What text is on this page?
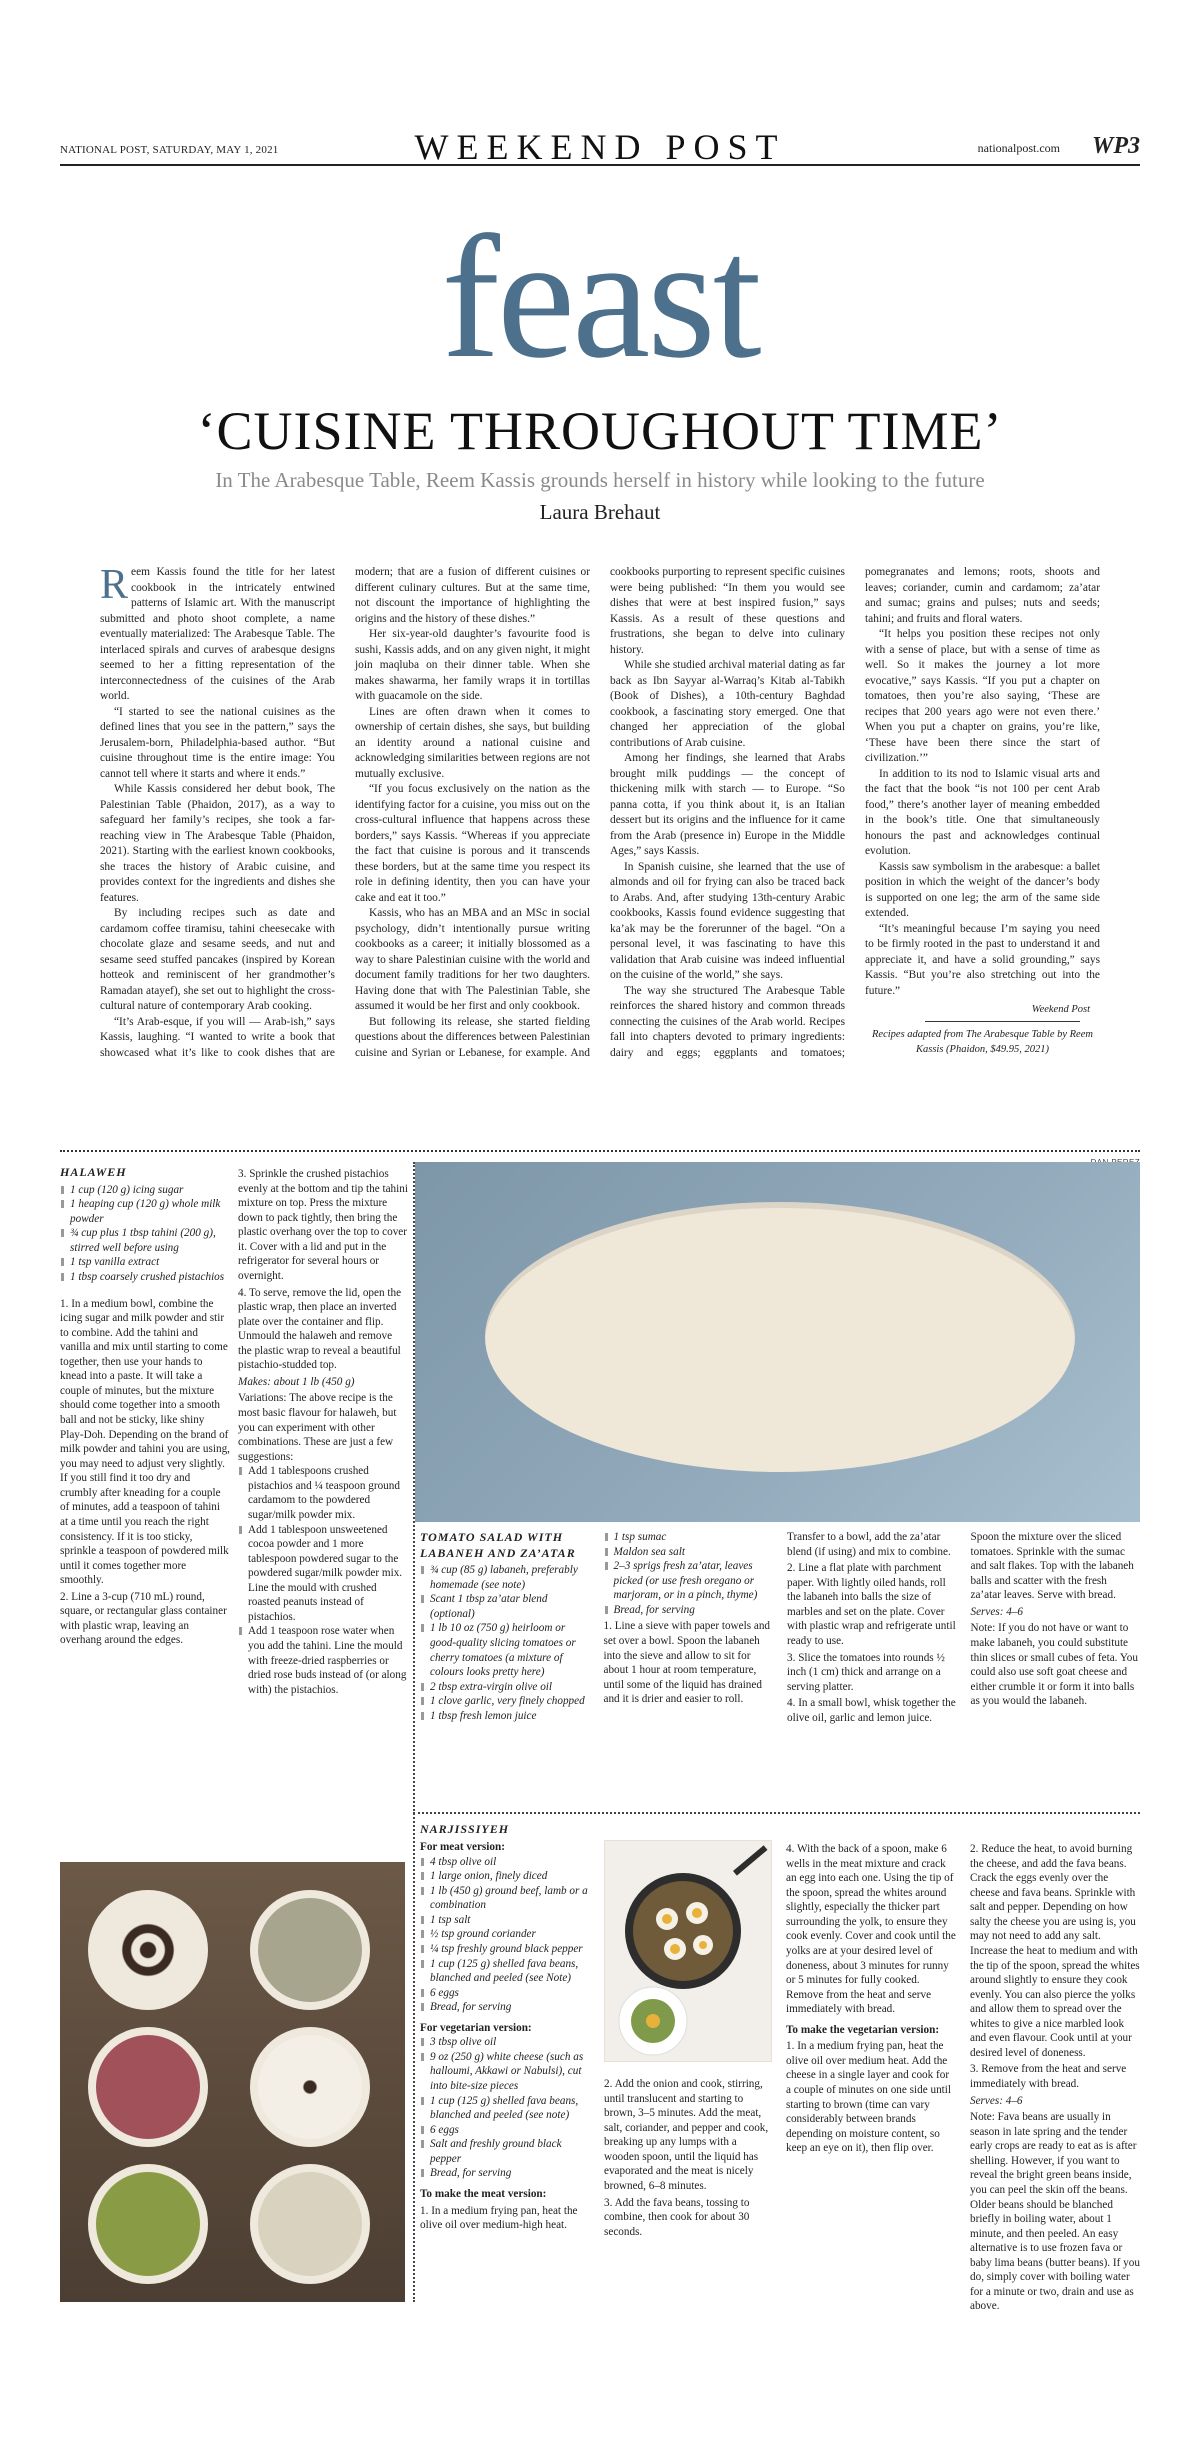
NATIONAL POST, SATURDAY, MAY 1, 2021	WEEKEND POST	nationalpost.com WP3
feast
‘CUISINE THROUGHOUT TIME’
In The Arabesque Table, Reem Kassis grounds herself in history while looking to the future
Laura Brehaut

Reem Kassis found the title for her latest cookbook in the intricately entwined patterns of Islamic art. With the manuscript submitted and photo shoot complete, a name eventually materialized: The Arabesque Table. The interlaced spirals and curves of arabesque designs seemed to her a fitting representation of the interconnectedness of the cuisines of the Arab world.

“I started to see the national cuisines as the defined lines that you see in the pattern,” says the Jerusalem-born, Philadelphia-based author. “But cuisine throughout time is the entire image: You cannot tell where it starts and where it ends.”

While Kassis considered her debut book, The Palestinian Table (Phaidon, 2017), as a way to safeguard her family’s recipes, she took a far-reaching view in The Arabesque Table (Phaidon, 2021). Starting with the earliest known cookbooks, she traces the history of Arabic cuisine, and provides context for the ingredients and dishes she features.

By including recipes such as date and cardamom coffee tiramisu, tahini cheesecake with chocolate glaze and sesame seeds, and nut and sesame seed stuffed pancakes (inspired by Korean hotteok and reminiscent of her grandmother’s Ramadan atayef), she set out to highlight the cross-cultural nature of contemporary Arab cooking.

“It’s Arab-esque, if you will — Arab-ish,” says Kassis, laughing. “I wanted to write a book that showcased what it’s like to cook dishes that are modern; that are a fusion of different cuisines or different culinary cultures. But at the same time, not discount the importance of highlighting the origins and the history of these dishes.”

Her six-year-old daughter’s favourite food is sushi, Kassis adds, and on any given night, it might join maqluba on their dinner table. When she makes shawarma, her family wraps it in tortillas with guacamole on the side.

Lines are often drawn when it comes to ownership of certain dishes, she says, but building an identity around a national cuisine and acknowledging similarities between regions are not mutually exclusive.

“If you focus exclusively on the nation as the identifying factor for a cuisine, you miss out on the cross-cultural influence that happens across these borders,” says Kassis. “Whereas if you appreciate the fact that cuisine is porous and it transcends these borders, but at the same time you respect its role in defining identity, then you can have your cake and eat it too.”

Kassis, who has an MBA and an MSc in social psychology, didn’t intentionally pursue writing cookbooks as a career; it initially blossomed as a way to share Palestinian cuisine with the world and document family traditions for her two daughters. Having done that with The Palestinian Table, she assumed it would be her first and only cookbook.

But following its release, she started fielding questions about the differences between Palestinian cuisine and Syrian or Lebanese, for example. And cookbooks purporting to represent specific cuisines were being published: “In them you would see dishes that were at best inspired fusion,” says Kassis. As a result of these questions and frustrations, she began to delve into culinary history.

While she studied archival material dating as far back as Ibn Sayyar al-Warraq’s Kitab al-Tabikh (Book of Dishes), a 10th-century Baghdad cookbook, a fascinating story emerged. One that changed her appreciation of the global contributions of Arab cuisine.

Among her findings, she learned that Arabs brought milk puddings — the concept of thickening milk with starch — to Europe. “So panna cotta, if you think about it, is an Italian dessert but its origins and the influence for it came from the Arab (presence in) Europe in the Middle Ages,” says Kassis.

In Spanish cuisine, she learned that the use of almonds and oil for frying can also be traced back to Arabs. And, after studying 13th-century Arabic cookbooks, Kassis found evidence suggesting that ka’ak may be the forerunner of the bagel. “On a personal level, it was fascinating to have this validation that Arab cuisine was indeed influential on the cuisine of the world,” she says.

The way she structured The Arabesque Table reinforces the shared history and common threads connecting the cuisines of the Arab world. Recipes fall into chapters devoted to primary ingredients: dairy and eggs; eggplants and tomatoes; pomegranates and lemons; roots, shoots and leaves; coriander, cumin and cardamom; za’atar and sumac; grains and pulses; nuts and seeds; tahini; and fruits and floral waters.

“It helps you position these recipes not only with a sense of place, but with a sense of time as well. So it makes the journey a lot more evocative,” says Kassis. “If you put a chapter on tomatoes, then you’re also saying, ‘These are recipes that 200 years ago were not even there.’ When you put a chapter on grains, you’re like, ‘These have been there since the start of civilization.’”

In addition to its nod to Islamic visual arts and the fact that the book “is not 100 per cent Arab food,” there’s another layer of meaning embedded in the book’s title. One that simultaneously honours the past and acknowledges continual evolution.

Kassis saw symbolism in the arabesque: a ballet position in which the weight of the dancer’s body is supported on one leg; the arm of the same side extended.

“It’s meaningful because I’m saying you need to be firmly rooted in the past to understand it and appreciate it, and have a solid grounding,” says Kassis. “But you’re also stretching out into the future.”

Weekend Post
Recipes adapted from The Arabesque Table by Reem Kassis (Phaidon, $49.95, 2021)
HALAWEH
1 cup (120 g) icing sugar
1 heaping cup (120 g) whole milk powder
¾ cup plus 1 tbsp tahini (200 g), stirred well before using
1 tsp vanilla extract
1 tbsp coarsely crushed pistachios

1. In a medium bowl, combine the icing sugar and milk powder and stir to combine. Add the tahini and vanilla and mix until starting to come together, then use your hands to knead into a paste. It will take a couple of minutes, but the mixture should come together into a smooth ball and not be sticky, like shiny Play-Doh. Depending on the brand of milk powder and tahini you are using, you may need to adjust very slightly. If you still find it too dry and crumbly after kneading for a couple of minutes, add a teaspoon of tahini at a time until you reach the right consistency. If it is too sticky, sprinkle a teaspoon of powdered milk until it comes together more smoothly.

2. Line a 3-cup (710 mL) round, square, or rectangular glass container with plastic wrap, leaving an overhang around the edges.

3. Sprinkle the crushed pistachios evenly at the bottom and tip the tahini mixture on top. Press the mixture down to pack tightly, then bring the plastic overhang over the top to cover it. Cover with a lid and put in the refrigerator for several hours or overnight.

4. To serve, remove the lid, open the plastic wrap, then place an inverted plate over the container and flip. Unmould the halaweh and remove the plastic wrap to reveal a beautiful pistachio-studded top.

Makes: about 1 lb (450 g)

Variations: The above recipe is the most basic flavour for halaweh, but you can experiment with other combinations. These are just a few suggestions:

Add 1 tablespoons crushed pistachios and ¼ teaspoon ground cardamom to the powdered sugar/milk powder mix.
Add 1 tablespoon unsweetened cocoa powder and 1 more tablespoon powdered sugar to the powdered sugar/milk powder mix. Line the mould with crushed roasted peanuts instead of pistachios.
Add 1 teaspoon rose water when you add the tahini. Line the mould with freeze-dried raspberries or dried rose buds instead of (or along with) the pistachios.
TOMATO SALAD WITH LABANEH AND ZA’ATAR
¾ cup (85 g) labaneh, preferably homemade (see note)
Scant 1 tbsp za’atar blend (optional)
1 lb 10 oz (750 g) heirloom or good-quality slicing tomatoes or cherry tomatoes (a mixture of colours looks pretty here)
2 tbsp extra-virgin olive oil
1 clove garlic, very finely chopped
1 tbsp fresh lemon juice
1 tsp sumac
Maldon sea salt
2–3 sprigs fresh za’atar, leaves picked (or use fresh oregano or marjoram, or in a pinch, thyme)
Bread, for serving

1. Line a sieve with paper towels and set over a bowl. Spoon the labaneh into the sieve and allow to sit for about 1 hour at room temperature, until some of the liquid has drained and it is drier and easier to roll. Transfer to a bowl, add the za’atar blend (if using) and mix to combine.

2. Line a flat plate with parchment paper. With lightly oiled hands, roll the labaneh into balls the size of marbles and set on the plate. Cover with plastic wrap and refrigerate until ready to use.

3. Slice the tomatoes into rounds ½ inch (1 cm) thick and arrange on a serving platter.

4. In a small bowl, whisk together the olive oil, garlic and lemon juice. Spoon the mixture over the sliced tomatoes. Sprinkle with the sumac and salt flakes. Top with the labaneh balls and scatter with the fresh za’atar leaves. Serve with bread.

Serves: 4–6

Note: If you do not have or want to make labaneh, you could substitute thin slices or small cubes of feta. You could also use soft goat cheese and either crumble it or form it into balls as you would the labaneh.

NARJISSIYEH
For meat version:
4 tbsp olive oil
1 large onion, finely diced
1 lb (450 g) ground beef, lamb or a combination
1 tsp salt
½ tsp ground coriander
¼ tsp freshly ground black pepper
1 cup (125 g) shelled fava beans, blanched and peeled (see Note)
6 eggs
Bread, for serving
For vegetarian version:
3 tbsp olive oil
9 oz (250 g) white cheese (such as halloumi, Akkawi or Nabulsi), cut into bite-size pieces
1 cup (125 g) shelled fava beans, blanched and peeled (see note)
6 eggs
Salt and freshly ground black pepper
Bread, for serving
To make the meat version:

1. In a medium frying pan, heat the olive oil over medium-high heat.

2. Add the onion and cook, stirring, until translucent and starting to brown, 3–5 minutes. Add the meat, salt, coriander, and pepper and cook, breaking up any lumps with a wooden spoon, until the liquid has evaporated and the meat is nicely browned, 6–8 minutes.

3. Add the fava beans, tossing to combine, then cook for about 30 seconds.

4. With the back of a spoon, make 6 wells in the meat mixture and crack an egg into each one. Using the tip of the spoon, spread the whites around slightly, especially the thicker part surrounding the yolk, to ensure they cook evenly. Cover and cook until the yolks are at your desired level of doneness, about 3 minutes for runny or 5 minutes for fully cooked. Remove from the heat and serve immediately with bread.

To make the vegetarian version:

1. In a medium frying pan, heat the olive oil over medium heat. Add the cheese in a single layer and cook for a couple of minutes on one side until starting to brown (time can vary considerably between brands depending on moisture content, so keep an eye on it), then flip over.

2. Reduce the heat, to avoid burning the cheese, and add the fava beans. Crack the eggs evenly over the cheese and fava beans. Sprinkle with salt and pepper. Depending on how salty the cheese you are using is, you may not need to add any salt. Increase the heat to medium and with the tip of the spoon, spread the whites around slightly to ensure they cook evenly. You can also pierce the yolks and allow them to spread over the whites to give a nice marbled look and even flavour. Cook until at your desired level of doneness.

3. Remove from the heat and serve immediately with bread.

Serves: 4–6

Note: Fava beans are usually in season in late spring and the tender early crops are ready to eat as is after shelling. However, if you want to reveal the bright green beans inside, you can peel the skin off the beans. Older beans should be blanched briefly in boiling water, about 1 minute, and then peeled. An easy alternative is to use frozen fava or baby lima beans (butter beans). If you do, simply cover with boiling water for a minute or two, drain and use as above.
